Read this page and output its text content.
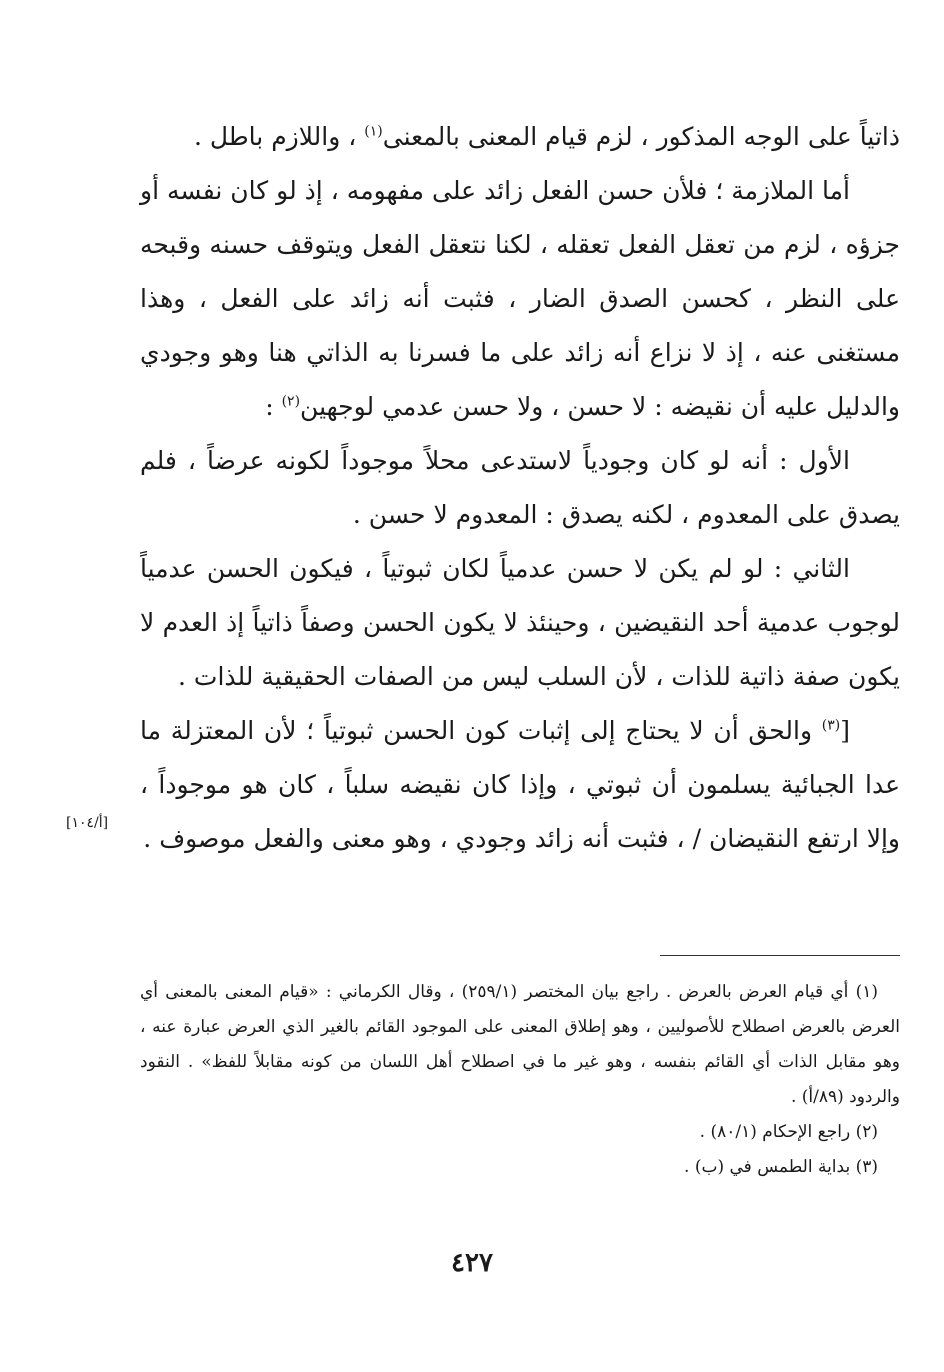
ذاتياً على الوجه المذكور ، لزم قيام المعنى بالمعنى$^{(١)}$ ، واللازم باطل .

أما الملازمة ؛ فلأن حسن الفعل زائد على مفهومه ، إذ لو كان نفسه أو جزؤه ، لزم من تعقل الفعل تعقله ، لكنا نتعقل الفعل ويتوقف حسنه وقبحه على النظر ، كحسن الصدق الضار ، فثبت أنه زائد على الفعل ، وهذا مستغنى عنه ، إذ لا نزاع أنه زائد على ما فسرنا به الذاتي هنا وهو وجودي والدليل عليه أن نقيضه : لا حسن ، ولا حسن عدمي لوجهين$^{(٢)}$ :

الأول : أنه لو كان وجودياً لاستدعى محلاً موجوداً لكونه عرضاً ، فلم يصدق على المعدوم ، لكنه يصدق : المعدوم لا حسن .

الثاني : لو لم يكن لا حسن عدمياً لكان ثبوتياً ، فيكون الحسن عدمياً لوجوب عدمية أحد النقيضين ، وحينئذ لا يكون الحسن وصفاً ذاتياً إذ العدم لا يكون صفة ذاتية للذات ، لأن السلب ليس من الصفات الحقيقية للذات .

[$^{(٣)}$ والحق أن لا يحتاج إلى إثبات كون الحسن ثبوتياً ؛ لأن المعتزلة ما عدا الجبائية يسلمون أن ثبوتي ، وإذا كان نقيضه سلباً ، كان هو موجوداً ، وإلا ارتفع النقيضان / ، فثبت أنه زائد وجودي ، وهو معنى والفعل موصوف .

[أ/١٠٤]

(١) أي قيام العرض بالعرض . راجع بيان المختصر (٢٥٩/١) ، وقال الكرماني : «قيام المعنى بالمعنى أي العرض بالعرض اصطلاح للأصوليين ، وهو إطلاق المعنى على الموجود القائم بالغير الذي العرض عبارة عنه ، وهو مقابل الذات أي القائم بنفسه ، وهو غير ما في اصطلاح أهل اللسان من كونه مقابلاً للفظ» . النقود والردود (٨٩/أ) .

(٢) راجع الإحكام (٨٠/١) .

(٣) بداية الطمس في (ب) .

٤٢٧
